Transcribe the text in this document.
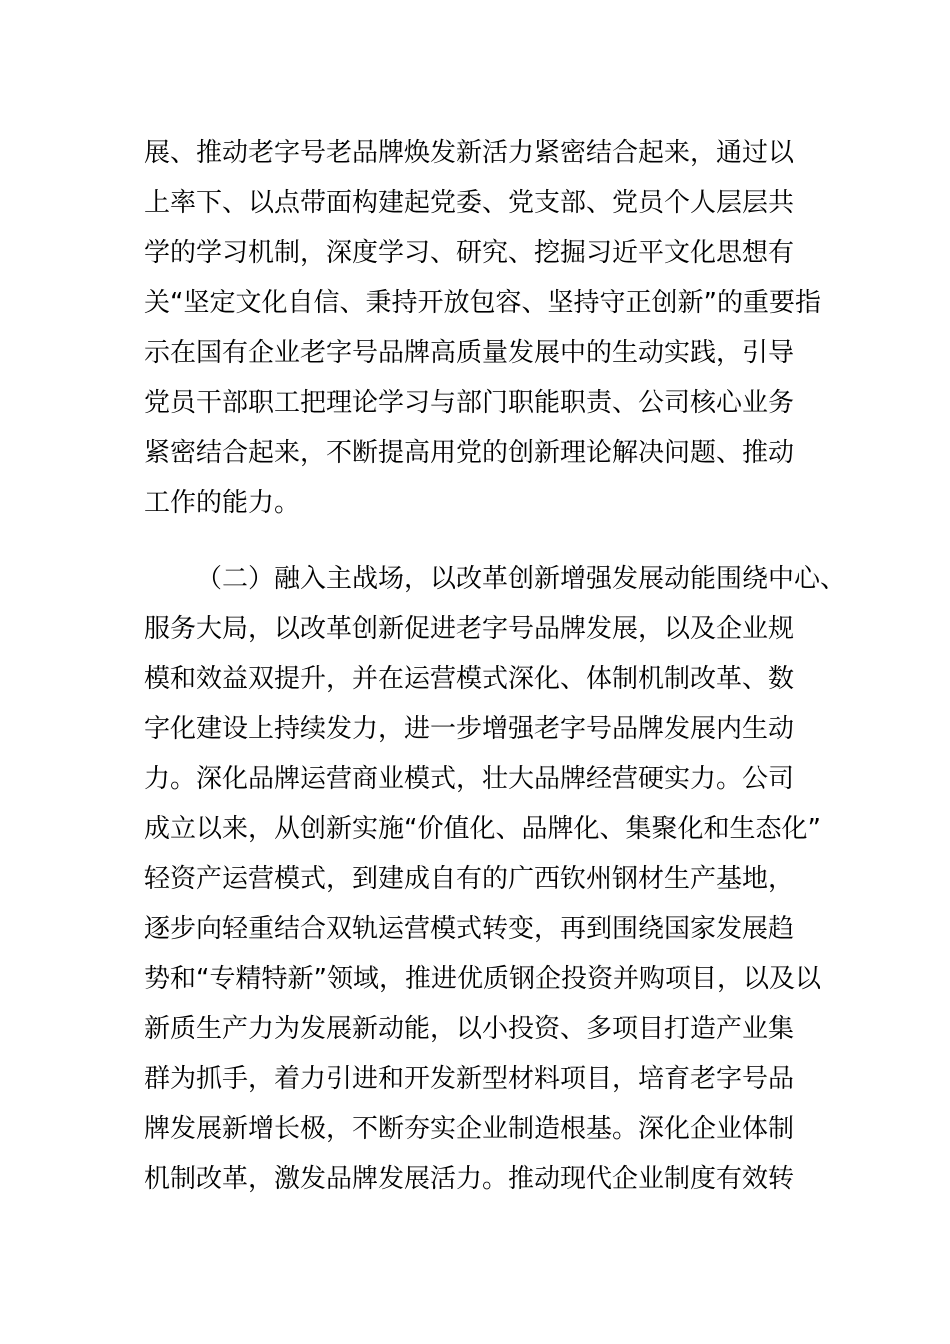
展、推动老字号老品牌焕发新活力紧密结合起来，通过以
上率下、以点带面构建起党委、党支部、党员个人层层共
学的学习机制，深度学习、研究、挖掘习近平文化思想有
关“坚定文化自信、秉持开放包容、坚持守正创新”的重要指
示在国有企业老字号品牌高质量发展中的生动实践，引导
党员干部职工把理论学习与部门职能职责、公司核心业务
紧密结合起来，不断提高用党的创新理论解决问题、推动
工作的能力。
（二）融入主战场，以改革创新增强发展动能围绕中心、
服务大局，以改革创新促进老字号品牌发展，以及企业规
模和效益双提升，并在运营模式深化、体制机制改革、数
字化建设上持续发力，进一步增强老字号品牌发展内生动
力。深化品牌运营商业模式，壮大品牌经营硬实力。公司
成立以来，从创新实施“价值化、品牌化、集聚化和生态化”
轻资产运营模式，到建成自有的广西钦州钢材生产基地，
逐步向轻重结合双轨运营模式转变，再到围绕国家发展趋
势和“专精特新”领域，推进优质钢企投资并购项目，以及以
新质生产力为发展新动能，以小投资、多项目打造产业集
群为抓手，着力引进和开发新型材料项目，培育老字号品
牌发展新增长极，不断夯实企业制造根基。深化企业体制
机制改革，激发品牌发展活力。推动现代企业制度有效转
